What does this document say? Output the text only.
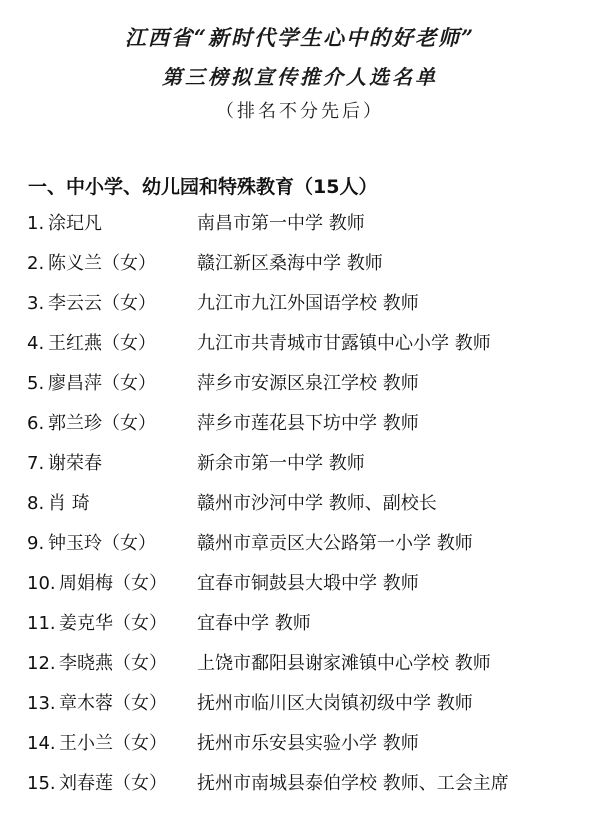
江西省“新时代学生心中的好老师”
第三榜拟宣传推介人选名单
（排名不分先后）
一、中小学、幼儿园和特殊教育（15人）
1. 涂玘凡	南昌市第一中学 教师
2. 陈义兰（女） 赣江新区桑海中学 教师
3. 李云云（女） 九江市九江外国语学校 教师
4. 王红燕（女） 九江市共青城市甘露镇中心小学 教师
5. 廖昌萍（女） 萍乡市安源区泉江学校 教师
6. 郭兰珍（女） 萍乡市莲花县下坊中学 教师
7. 谢荣春	新余市第一中学 教师
8. 肖 琦	赣州市沙河中学 教师、副校长
9. 钟玉玲（女） 赣州市章贡区大公路第一小学 教师
10. 周娟梅（女） 宜春市铜鼓县大塅中学 教师
11. 姜克华（女） 宜春中学 教师
12. 李晓燕（女） 上饶市鄱阳县谢家滩镇中心学校 教师
13. 章木蓉（女） 抚州市临川区大岗镇初级中学 教师
14. 王小兰（女） 抚州市乐安县实验小学 教师
15. 刘春莲（女） 抚州市南城县泰伯学校 教师、工会主席
